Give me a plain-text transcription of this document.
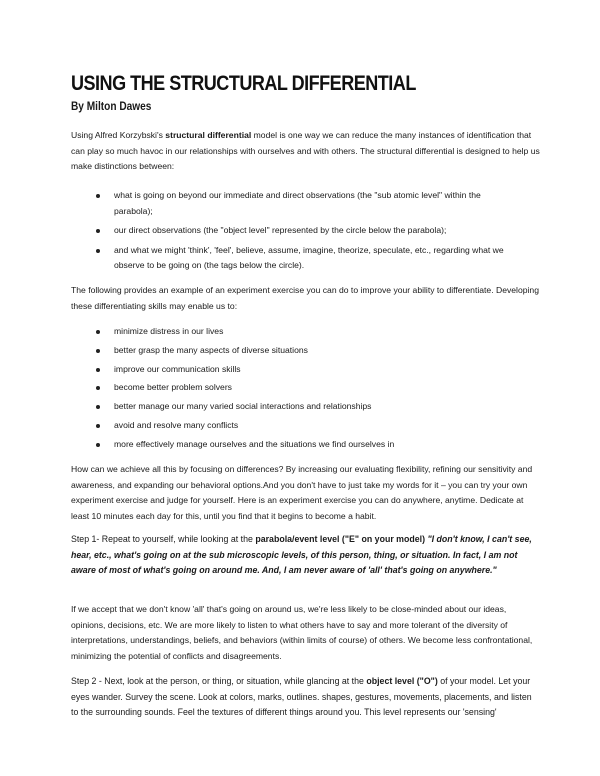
USING THE STRUCTURAL DIFFERENTIAL

By Milton Dawes

Using Alfred Korzybski's structural differential model is one way we can reduce the many instances of identification that can play so much havoc in our relationships with ourselves and with others. The structural differential is designed to help us make distinctions between:

what is going on beyond our immediate and direct observations (the "sub atomic level" within the parabola);
our direct observations (the "object level" represented by the circle below the parabola);
and what we might 'think', 'feel', believe, assume, imagine, theorize, speculate, etc., regarding what we observe to be going on (the tags below the circle).

The following provides an example of an experiment exercise you can do to improve your ability to differentiate. Developing these differentiating skills may enable us to:

minimize distress in our lives
better grasp the many aspects of diverse situations
improve our communication skills
become better problem solvers
better manage our many varied social interactions and relationships
avoid and resolve many conflicts
more effectively manage ourselves and the situations we find ourselves in

How can we achieve all this by focusing on differences? By increasing our evaluating flexibility, refining our sensitivity and awareness, and expanding our behavioral options.And you don't have to just take my words for it – you can try your own experiment exercise and judge for yourself. Here is an experiment exercise you can do anywhere, anytime. Dedicate at least 10 minutes each day for this, until you find that it begins to become a habit.

Step 1- Repeat to yourself, while looking at the parabola/event level ("E" on your model) "I don't know, I can't see, hear, etc., what's going on at the sub microscopic levels, of this person, thing, or situation. In fact, I am not aware of most of what's going on around me. And, I am never aware of 'all' that's going on anywhere."

If we accept that we don't know 'all' that's going on around us, we're less likely to be close-minded about our ideas, opinions, decisions, etc. We are more likely to listen to what others have to say and more tolerant of the diversity of interpretations, understandings, beliefs, and behaviors (within limits of course) of others. We become less confrontational, minimizing the potential of conflicts and disagreements.

Step 2 - Next, look at the person, or thing, or situation, while glancing at the object level ("O") of your model. Let your eyes wander. Survey the scene. Look at colors, marks, outlines. shapes, gestures, movements, placements, and listen to the surrounding sounds. Feel the textures of different things around you. This level represents our 'sensing'
